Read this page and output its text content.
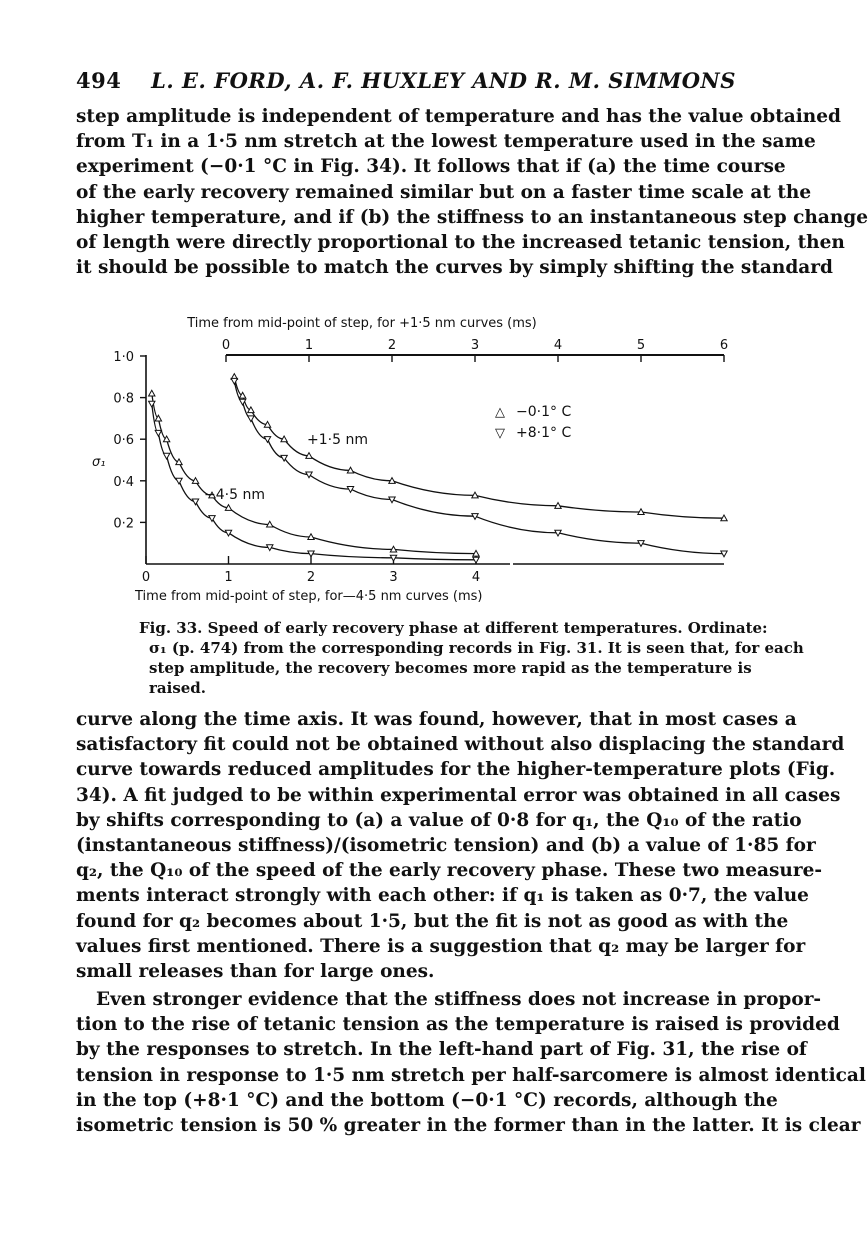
494 L. E. FORD, A. F. HUXLEY AND R. M. SIMMONS
step amplitude is independent of temperature and has the value obtained
from T₁ in a 1·5 nm stretch at the lowest temperature used in the same
experiment (−0·1 °C in Fig. 34). It follows that if (a) the time course
of the early recovery remained similar but on a faster time scale at the
higher temperature, and if (b) the stiffness to an instantaneous step change
of length were directly proportional to the increased tetanic tension, then
it should be possible to match the curves by simply shifting the standard
Time from mid-point of step, for +1·5 nm curves (ms)
0	1	2	3	4	5	6
1·0
0·8
0·6
0·4
0·2
0	1	2	3	4
σ₁
△ −0·1° C
▽ +8·1° C
+1·5 nm
−4·5 nm
Time from mid-point of step, for—4·5 nm curves (ms)
Fig. 33. Speed of early recovery phase at different temperatures. Ordinate:
σ₁ (p. 474) from the corresponding records in Fig. 31. It is seen that, for each
step amplitude, the recovery becomes more rapid as the temperature is
raised.
curve along the time axis. It was found, however, that in most cases a
satisfactory fit could not be obtained without also displacing the standard
curve towards reduced amplitudes for the higher-temperature plots (Fig.
34). A fit judged to be within experimental error was obtained in all cases
by shifts corresponding to (a) a value of 0·8 for q₁, the Q₁₀ of the ratio
(instantaneous stiffness)/(isometric tension) and (b) a value of 1·85 for
q₂, the Q₁₀ of the speed of the early recovery phase. These two measure-
ments interact strongly with each other: if q₁ is taken as 0·7, the value
found for q₂ becomes about 1·5, but the fit is not as good as with the
values first mentioned. There is a suggestion that q₂ may be larger for
small releases than for large ones.
Even stronger evidence that the stiffness does not increase in propor-
tion to the rise of tetanic tension as the temperature is raised is provided
by the responses to stretch. In the left-hand part of Fig. 31, the rise of
tension in response to 1·5 nm stretch per half-sarcomere is almost identical
in the top (+8·1 °C) and the bottom (−0·1 °C) records, although the
isometric tension is 50 % greater in the former than in the latter. It is clear
